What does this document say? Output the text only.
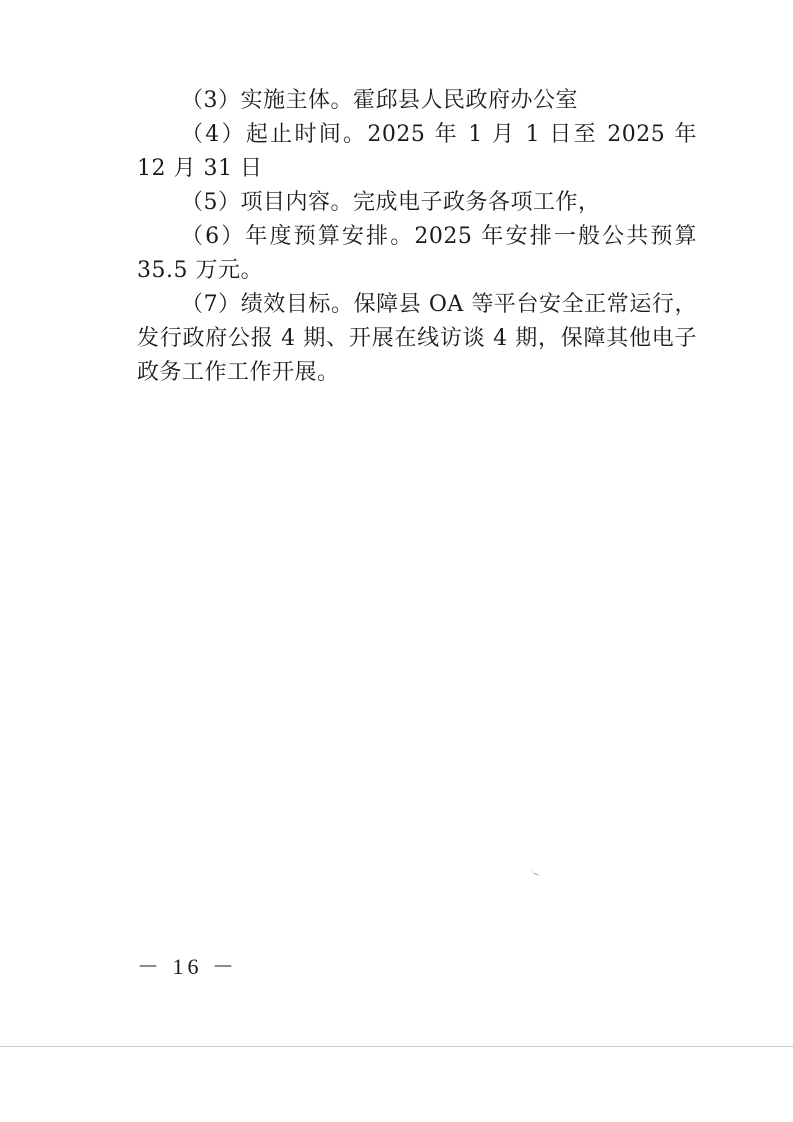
（3）实施主体。霍邱县人民政府办公室

（4）起止时间。2025 年 1 月 1 日至 2025 年 12 月 31 日

（5）项目内容。完成电子政务各项工作，

（6）年度预算安排。2025 年安排一般公共预算 35.5 万元。

（7）绩效目标。保障县 OA 等平台安全正常运行，发行政府公报 4 期、开展在线访谈 4 期，保障其他电子政务工作工作开展。

－ 16 －
